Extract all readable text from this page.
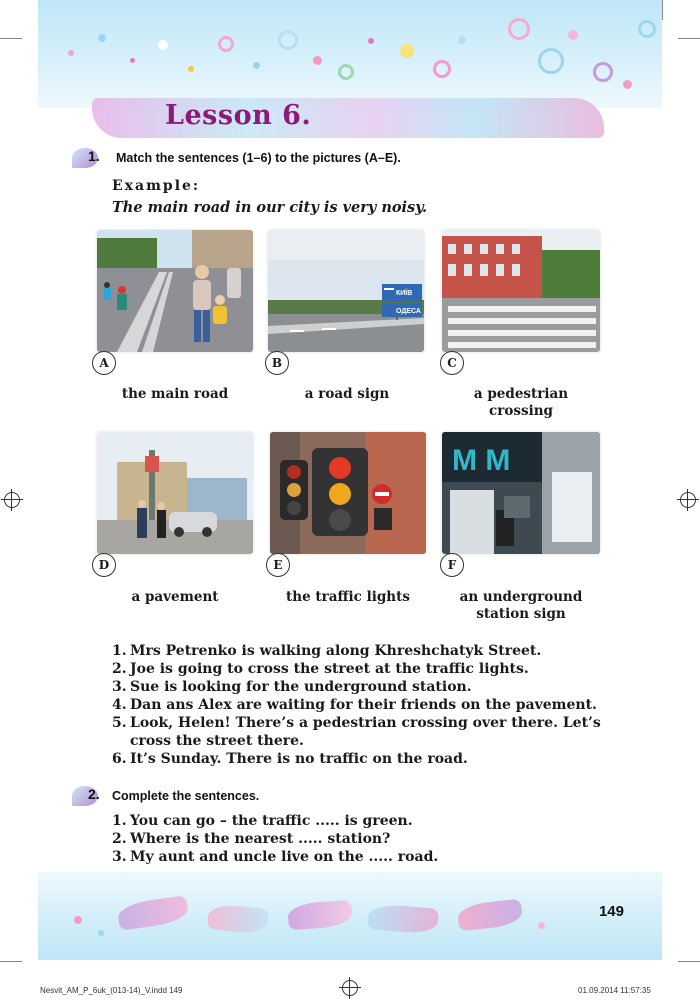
Lesson 6.
1. Match the sentences (1–6) to the pictures (A–E).
Example:
The main road in our city is very noisy.
A
the main road
КИЇВ
ОДЕСА
B
a road sign
C
a pedestrian crossing
D
a pavement
E
the traffic lights
M M
F
an underground
station sign
1. Mrs Petrenko is walking along Khreshchatyk Street.
2. Joe is going to cross the street at the traffic lights.
3. Sue is looking for the underground station.
4. Dan ans Alex are waiting for their friends on the pavement.
5. Look, Helen! There’s a pedestrian crossing over there. Let’s
cross the street there.
6. It’s Sunday. There is no traffic on the road.
2. Complete the sentences.
1. You can go – the traffic ..... is green.
2. Where is the nearest ..... station?
3. My aunt and uncle live on the ..... road.
149
Nesvit_AM_P_6uk_(013-14)_V.indd 149	01.09.2014 11:57:35
